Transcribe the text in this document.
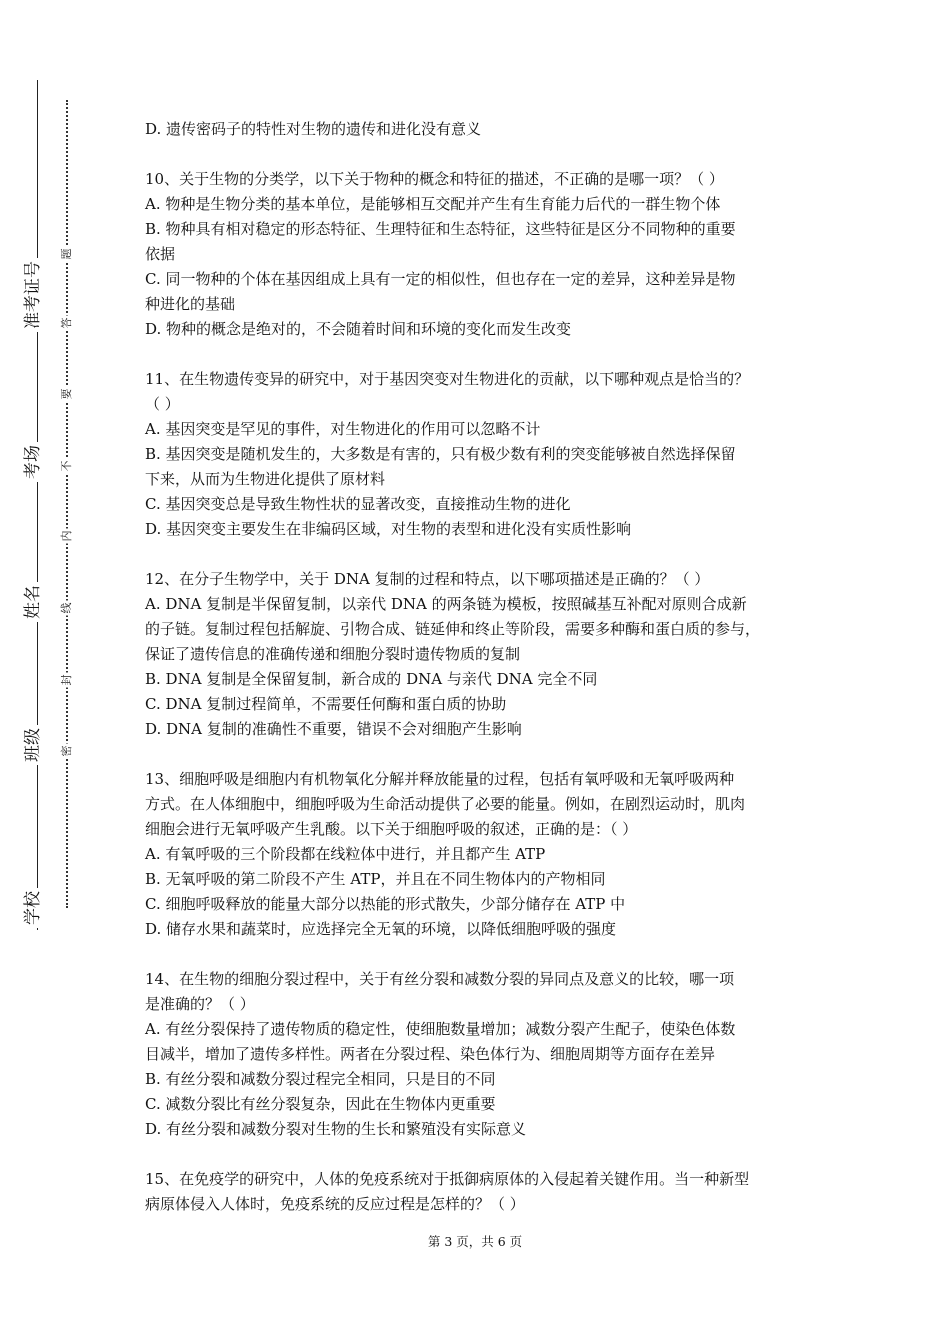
准考证号
考场
姓名
班级
学校
题
答
要
不
内
线
封
密

D. 遗传密码子的特性对生物的遗传和进化没有意义

10、关于生物的分类学，以下关于物种的概念和特征的描述，不正确的是哪一项？（ ）

A. 物种是生物分类的基本单位，是能够相互交配并产生有生育能力后代的一群生物个体

B. 物种具有相对稳定的形态特征、生理特征和生态特征，这些特征是区分不同物种的重要

依据

C. 同一物种的个体在基因组成上具有一定的相似性，但也存在一定的差异，这种差异是物

种进化的基础

D. 物种的概念是绝对的，不会随着时间和环境的变化而发生改变

11、在生物遗传变异的研究中，对于基因突变对生物进化的贡献，以下哪种观点是恰当的？

（ ）

A. 基因突变是罕见的事件，对生物进化的作用可以忽略不计

B. 基因突变是随机发生的，大多数是有害的，只有极少数有利的突变能够被自然选择保留

下来，从而为生物进化提供了原材料

C. 基因突变总是导致生物性状的显著改变，直接推动生物的进化

D. 基因突变主要发生在非编码区域，对生物的表型和进化没有实质性影响

12、在分子生物学中，关于 DNA 复制的过程和特点，以下哪项描述是正确的？（ ）

A. DNA 复制是半保留复制，以亲代 DNA 的两条链为模板，按照碱基互补配对原则合成新

的子链。复制过程包括解旋、引物合成、链延伸和终止等阶段，需要多种酶和蛋白质的参与，

保证了遗传信息的准确传递和细胞分裂时遗传物质的复制

B. DNA 复制是全保留复制，新合成的 DNA 与亲代 DNA 完全不同

C. DNA 复制过程简单，不需要任何酶和蛋白质的协助

D. DNA 复制的准确性不重要，错误不会对细胞产生影响

13、细胞呼吸是细胞内有机物氧化分解并释放能量的过程，包括有氧呼吸和无氧呼吸两种

方式。在人体细胞中，细胞呼吸为生命活动提供了必要的能量。例如，在剧烈运动时，肌肉

细胞会进行无氧呼吸产生乳酸。以下关于细胞呼吸的叙述，正确的是：（ ）

A. 有氧呼吸的三个阶段都在线粒体中进行，并且都产生 ATP

B. 无氧呼吸的第二阶段不产生 ATP，并且在不同生物体内的产物相同

C. 细胞呼吸释放的能量大部分以热能的形式散失，少部分储存在 ATP 中

D. 储存水果和蔬菜时，应选择完全无氧的环境，以降低细胞呼吸的强度

14、在生物的细胞分裂过程中，关于有丝分裂和减数分裂的异同点及意义的比较，哪一项

是准确的？（ ）

A. 有丝分裂保持了遗传物质的稳定性，使细胞数量增加；减数分裂产生配子，使染色体数

目减半，增加了遗传多样性。两者在分裂过程、染色体行为、细胞周期等方面存在差异

B. 有丝分裂和减数分裂过程完全相同，只是目的不同

C. 减数分裂比有丝分裂复杂，因此在生物体内更重要

D. 有丝分裂和减数分裂对生物的生长和繁殖没有实际意义

15、在免疫学的研究中，人体的免疫系统对于抵御病原体的入侵起着关键作用。当一种新型

病原体侵入人体时，免疫系统的反应过程是怎样的？（ ）

第 3 页，共 6 页
